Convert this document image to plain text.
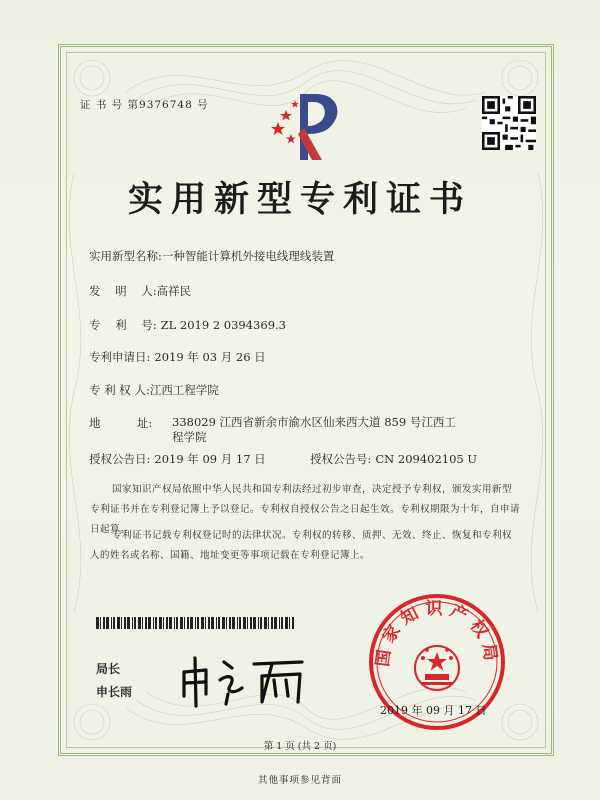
证 书 号 第9376748 号
实用新型专利证书
实用新型名称:一种智能计算机外接电线理线装置
发    明    人:高祥民
专    利    号: ZL 2019 2 0394369.3
专利申请日: 2019 年 03 月 26 日
专 利 权 人:江西工程学院
地          址: 338029 江西省新余市渝水区仙来西大道 859 号江西工程学院
授权公告日: 2019 年 09 月 17 日	授权公告号: CN 209402105 U
国家知识产权局依照中华人民共和国专利法经过初步审查，决定授予专利权，颁发实用新型专利证书并在专利登记簿上予以登记。专利权自授权公告之日起生效。专利权期限为十年，自申请日起算。
专利证书记载专利权登记时的法律状况。专利权的转移、质押、无效、终止、恢复和专利权人的姓名或名称、国籍、地址变更等事项记载在专利登记簿上。
局长
申长雨
国家知识产权局
2019 年 09 月 17 日
第 1 页 (共 2 页)
其他事项参见背面
